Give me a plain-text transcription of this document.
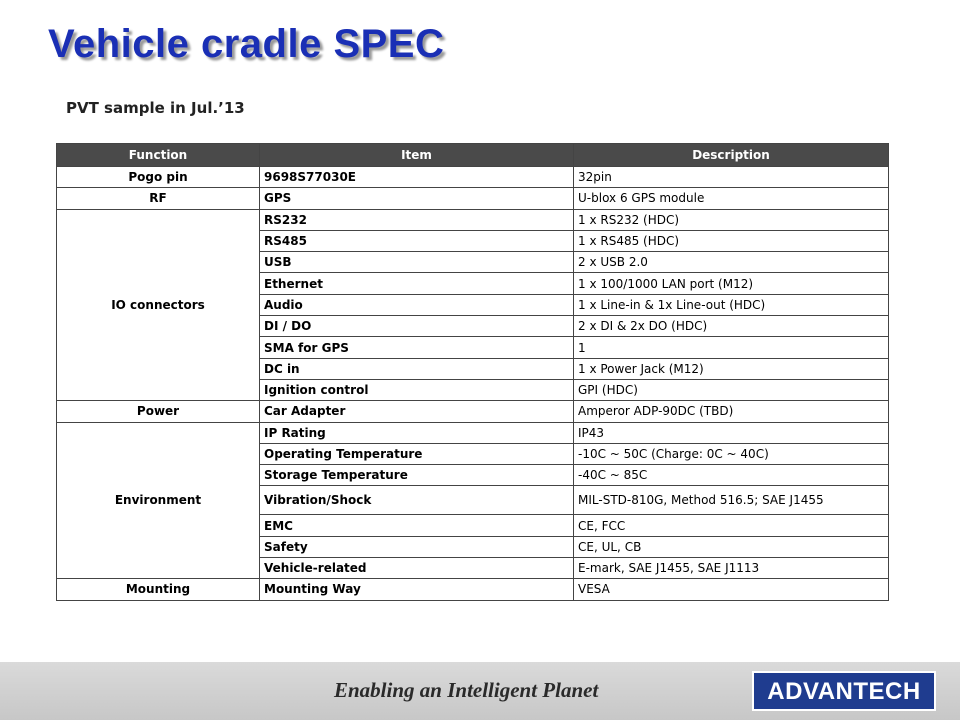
Vehicle cradle SPEC
PVT sample in Jul.’13
Function	Item	Description
Pogo pin	9698S77030E	32pin
RF	GPS	U-blox 6 GPS module
IO connectors	RS232	1 x RS232 (HDC)
	RS485	1 x RS485 (HDC)
	USB	2 x USB 2.0
	Ethernet	1 x 100/1000 LAN port (M12)
	Audio	1 x Line-in & 1x Line-out (HDC)
	DI / DO	2 x DI & 2x DO (HDC)
	SMA for GPS	1
	DC in	1 x Power Jack (M12)
	Ignition control	GPI (HDC)
Power	Car Adapter	Amperor ADP-90DC (TBD)
Environment	IP Rating	IP43
	Operating Temperature	-10C ~ 50C (Charge: 0C ~ 40C)
	Storage Temperature	-40C ~ 85C
	Vibration/Shock	MIL-STD-810G, Method 516.5; SAE J1455
	EMC	CE, FCC
	Safety	CE, UL, CB
	Vehicle-related	E-mark, SAE J1455, SAE J1113
Mounting	Mounting Way	VESA
Enabling an Intelligent Planet	ADVANTECH
